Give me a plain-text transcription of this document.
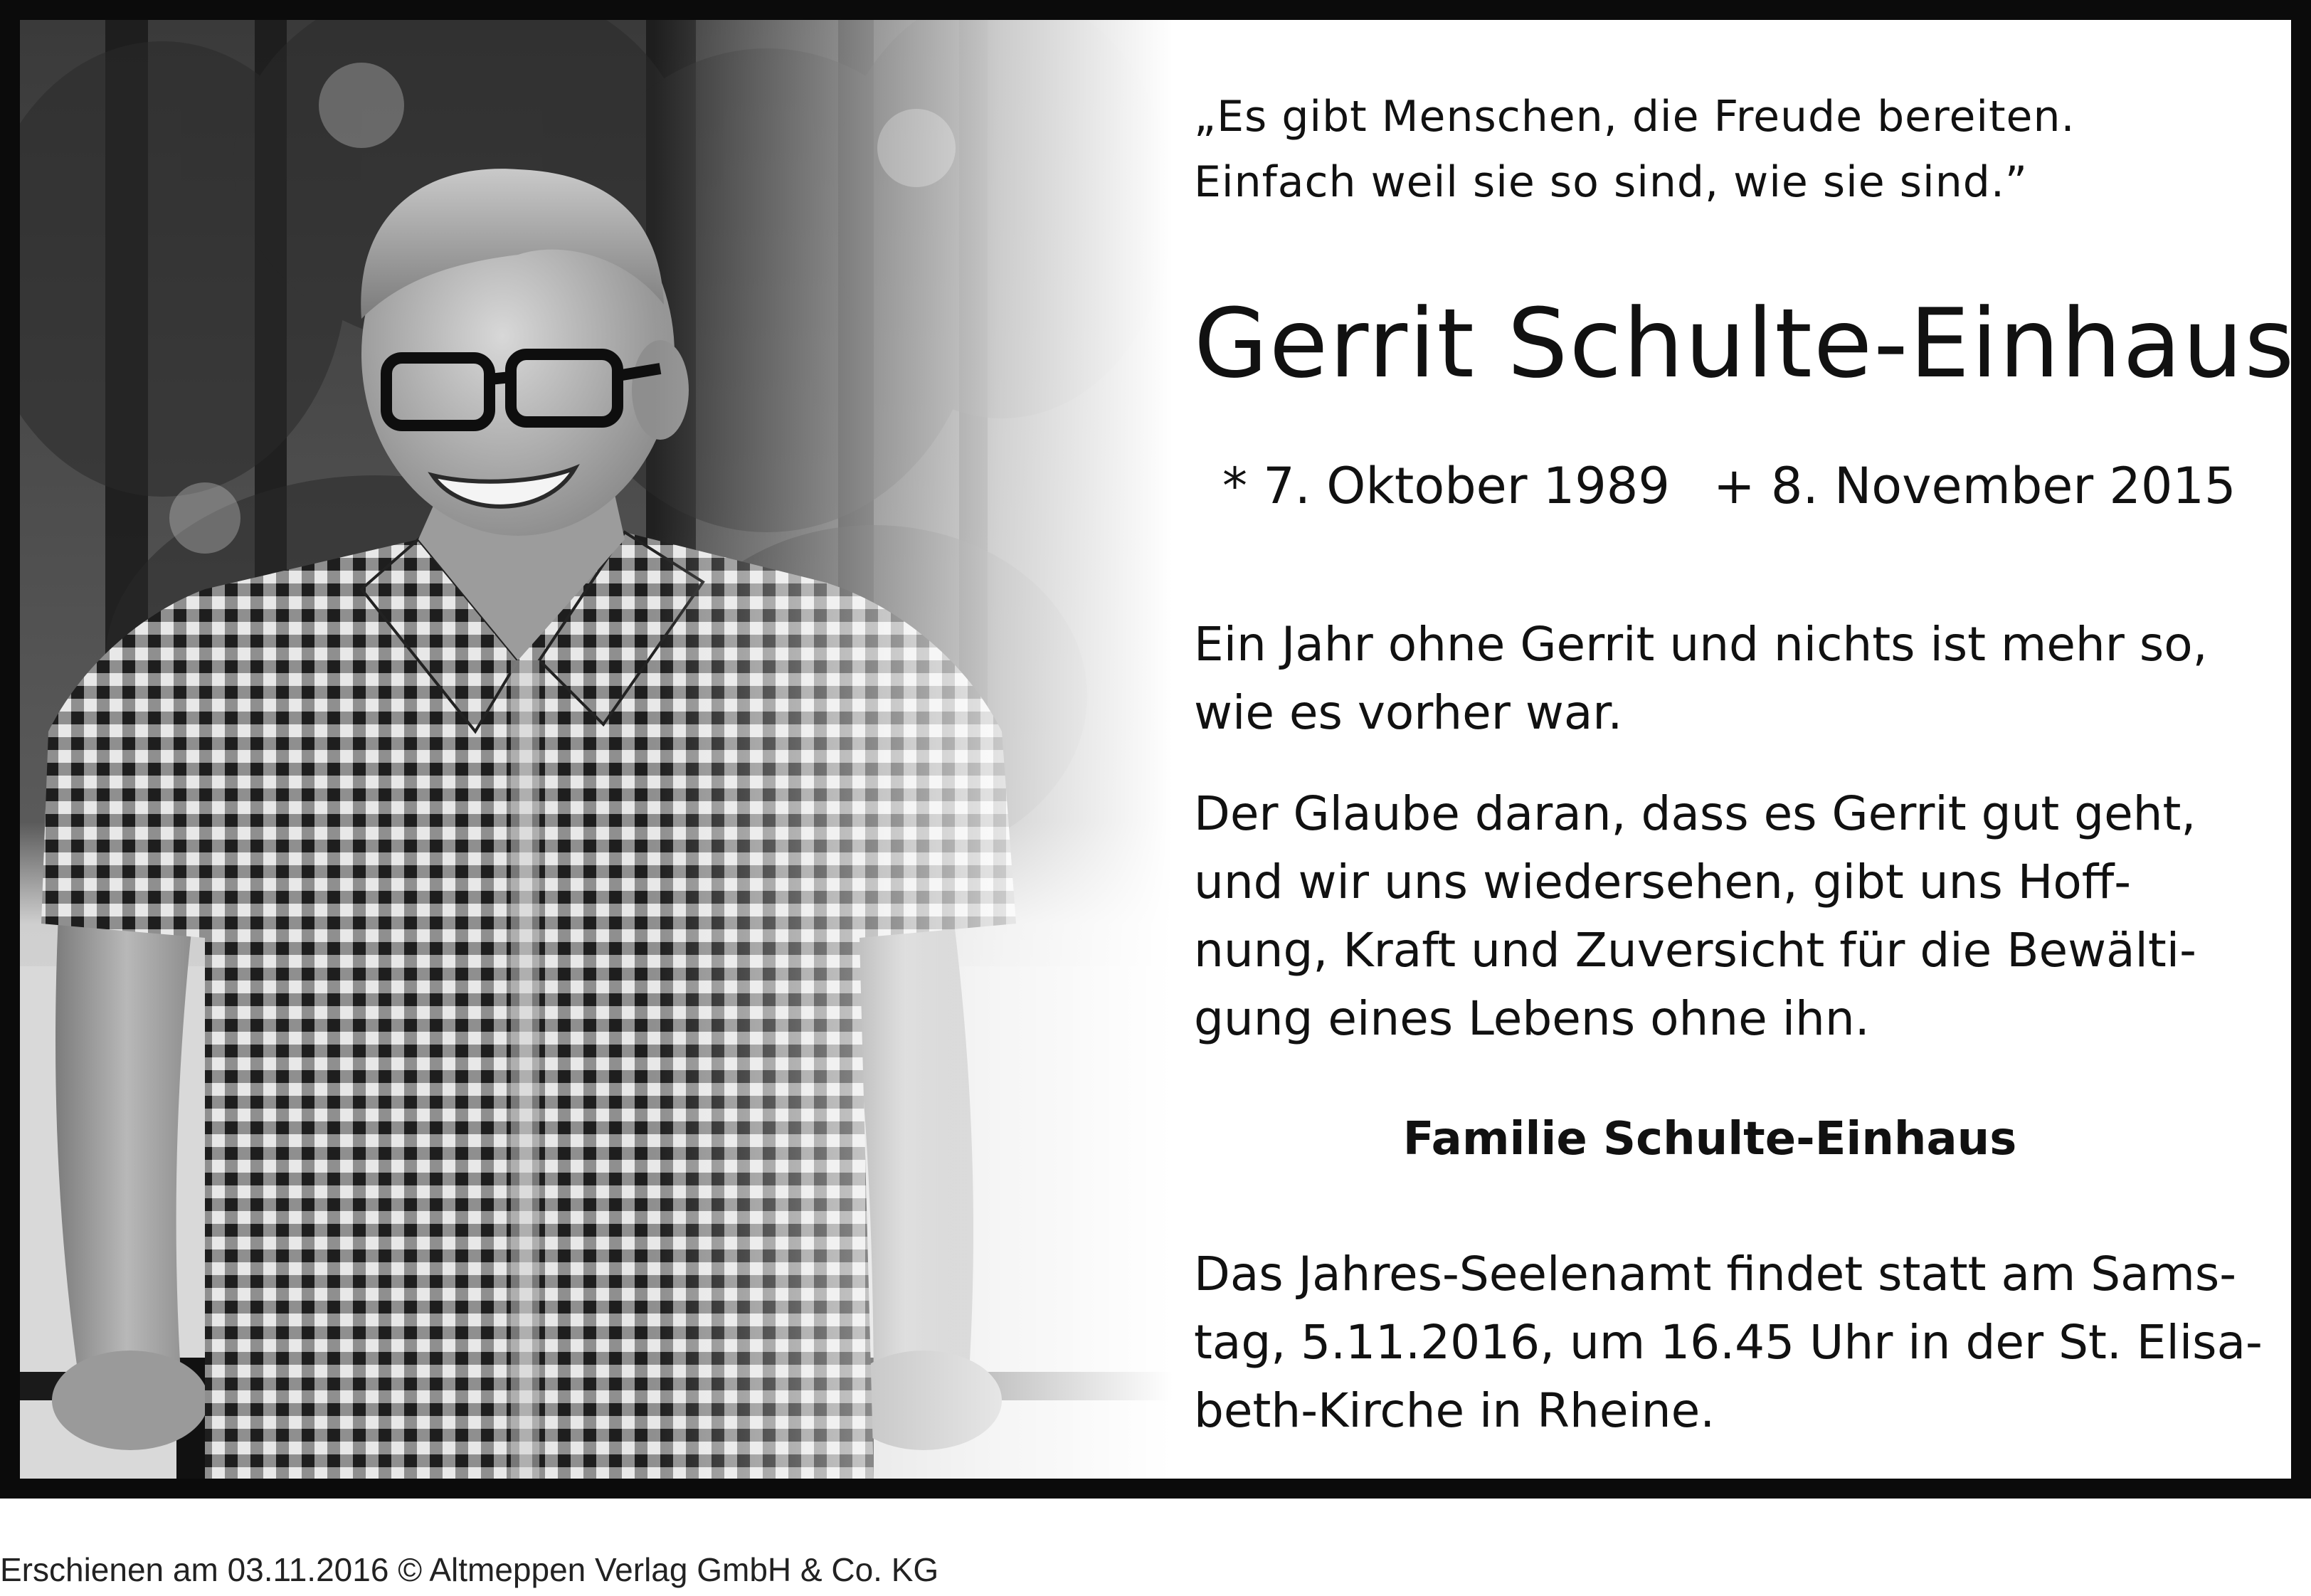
„Es gibt Menschen, die Freude bereiten.
Einfach weil sie so sind, wie sie sind.”

Gerrit Schulte-Einhaus
* 7. Oktober 1989 + 8. November 2015

Ein Jahr ohne Gerrit und nichts ist mehr so,
wie es vorher war.

Der Glaube daran, dass es Gerrit gut geht,
und wir uns wiedersehen, gibt uns Hoff-
nung, Kraft und Zuversicht für die Bewälti-
gung eines Lebens ohne ihn.

Familie Schulte-Einhaus

Das Jahres-Seelenamt findet statt am Sams-
tag, 5.11.2016, um 16.45 Uhr in der St. Elisa-
beth-Kirche in Rheine.

Erschienen am 03.11.2016 © Altmeppen Verlag GmbH & Co. KG
